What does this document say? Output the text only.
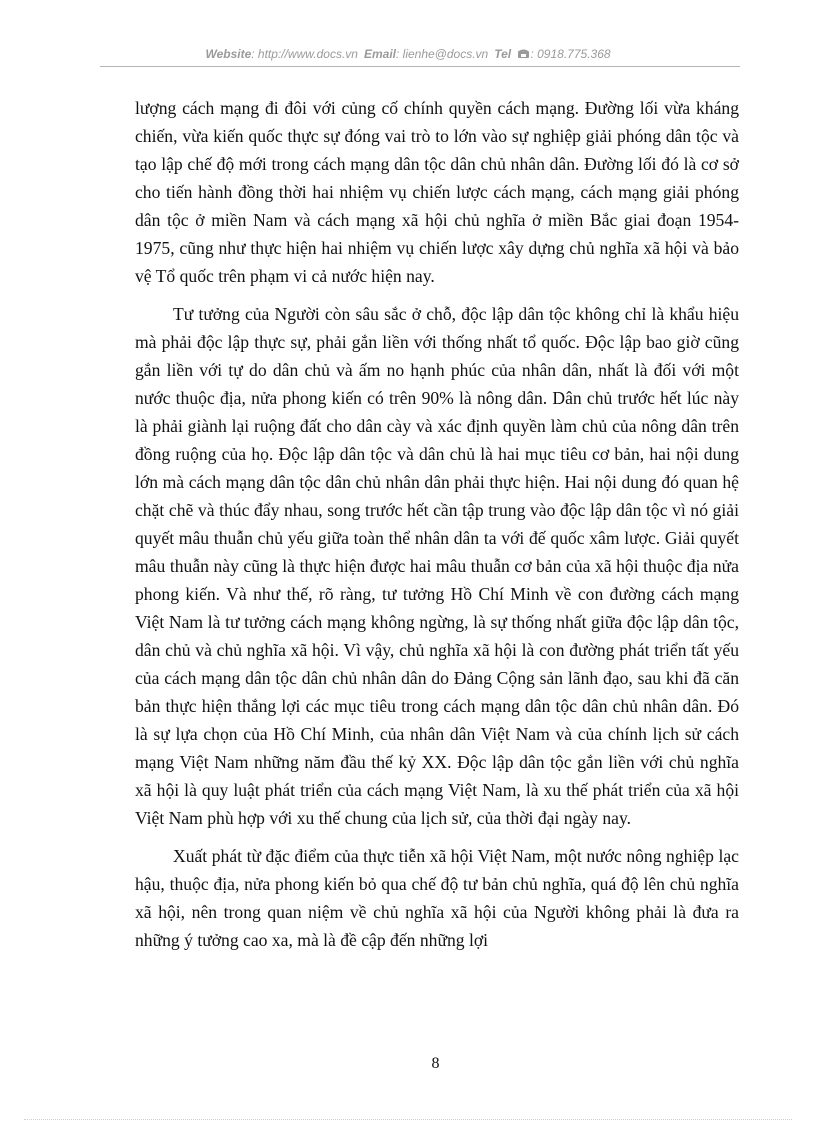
Website: http://www.docs.vn Email: lienhe@docs.vn Tel : 0918.775.368

lượng cách mạng đi đôi với củng cố chính quyền cách mạng. Đường lối vừa kháng chiến, vừa kiến quốc thực sự đóng vai trò to lớn vào sự nghiệp giải phóng dân tộc và tạo lập chế độ mới trong cách mạng dân tộc dân chủ nhân dân. Đường lối đó là cơ sở cho tiến hành đồng thời hai nhiệm vụ chiến lược cách mạng, cách mạng giải phóng dân tộc ở miền Nam và cách mạng xã hội chủ nghĩa ở miền Bắc giai đoạn 1954-1975, cũng như thực hiện hai nhiệm vụ chiến lược xây dựng chủ nghĩa xã hội và bảo vệ Tổ quốc trên phạm vi cả nước hiện nay.

Tư tưởng của Người còn sâu sắc ở chỗ, độc lập dân tộc không chỉ là khẩu hiệu mà phải độc lập thực sự, phải gắn liền với thống nhất tổ quốc. Độc lập bao giờ cũng gắn liền với tự do dân chủ và ấm no hạnh phúc của nhân dân, nhất là đối với một nước thuộc địa, nửa phong kiến có trên 90% là nông dân. Dân chủ trước hết lúc này là phải giành lại ruộng đất cho dân cày và xác định quyền làm chủ của nông dân trên đồng ruộng của họ. Độc lập dân tộc và dân chủ là hai mục tiêu cơ bản, hai nội dung lớn mà cách mạng dân tộc dân chủ nhân dân phải thực hiện. Hai nội dung đó quan hệ chặt chẽ và thúc đẩy nhau, song trước hết cần tập trung vào độc lập dân tộc vì nó giải quyết mâu thuẫn chủ yếu giữa toàn thể nhân dân ta với đế quốc xâm lược. Giải quyết mâu thuẫn này cũng là thực hiện được hai mâu thuẫn cơ bản của xã hội thuộc địa nửa phong kiến. Và như thế, rõ ràng, tư tưởng Hồ Chí Minh về con đường cách mạng Việt Nam là tư tưởng cách mạng không ngừng, là sự thống nhất giữa độc lập dân tộc, dân chủ và chủ nghĩa xã hội. Vì vậy, chủ nghĩa xã hội là con đường phát triển tất yếu của cách mạng dân tộc dân chủ nhân dân do Đảng Cộng sản lãnh đạo, sau khi đã căn bản thực hiện thắng lợi các mục tiêu trong cách mạng dân tộc dân chủ nhân dân. Đó là sự lựa chọn của Hồ Chí Minh, của nhân dân Việt Nam và của chính lịch sử cách mạng Việt Nam những năm đầu thế kỷ XX. Độc lập dân tộc gắn liền với chủ nghĩa xã hội là quy luật phát triển của cách mạng Việt Nam, là xu thế phát triển của xã hội Việt Nam phù hợp với xu thế chung của lịch sử, của thời đại ngày nay.

Xuất phát từ đặc điểm của thực tiễn xã hội Việt Nam, một nước nông nghiệp lạc hậu, thuộc địa, nửa phong kiến bỏ qua chế độ tư bản chủ nghĩa, quá độ lên chủ nghĩa xã hội, nên trong quan niệm về chủ nghĩa xã hội của Người không phải là đưa ra những ý tưởng cao xa, mà là đề cập đến những lợi

8
